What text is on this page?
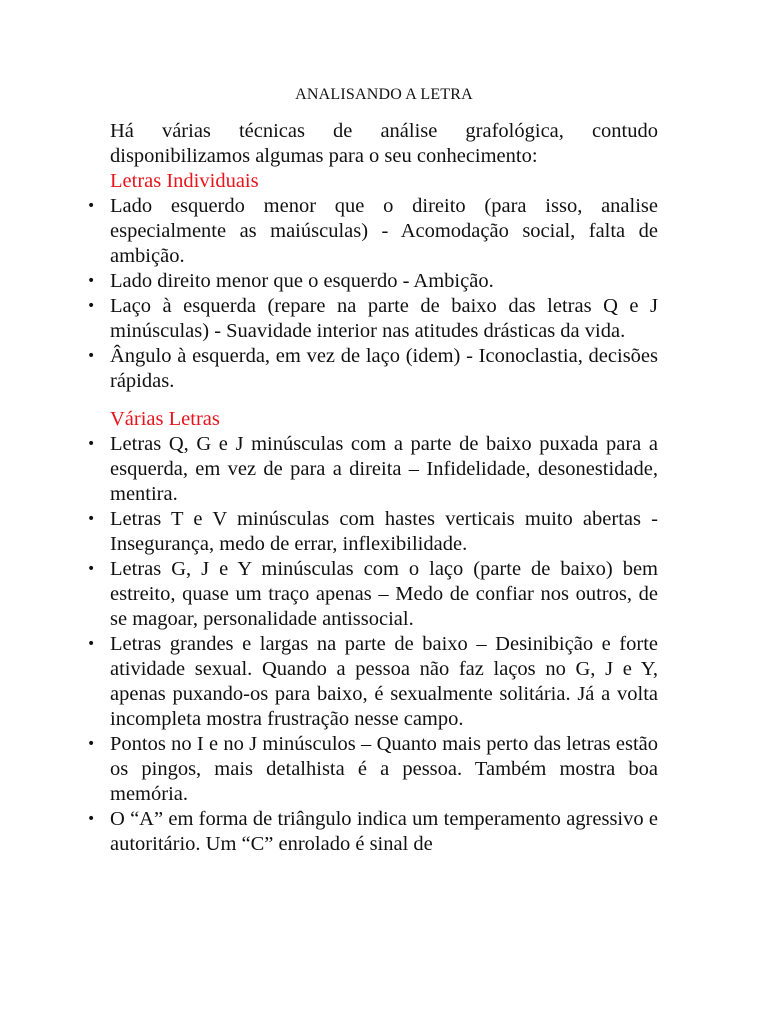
ANALISANDO A LETRA

Há várias técnicas de análise grafológica, contudo disponibilizamos algumas para o seu conhecimento:

Letras Individuais
• Lado esquerdo menor que o direito (para isso, analise especialmente as maiúsculas) - Acomodação social, falta de ambição.
• Lado direito menor que o esquerdo - Ambição.
• Laço à esquerda (repare na parte de baixo das letras Q e J minúsculas) - Suavidade interior nas atitudes drásticas da vida.
• Ângulo à esquerda, em vez de laço (idem) - Iconoclastia, decisões rápidas.
Várias Letras
• Letras Q, G e J minúsculas com a parte de baixo puxada para a esquerda, em vez de para a direita – Infidelidade, desonestidade, mentira.
• Letras T e V minúsculas com hastes verticais muito abertas - Insegurança, medo de errar, inflexibilidade.
• Letras G, J e Y minúsculas com o laço (parte de baixo) bem estreito, quase um traço apenas – Medo de confiar nos outros, de se magoar, personalidade antissocial.
• Letras grandes e largas na parte de baixo – Desinibição e forte atividade sexual. Quando a pessoa não faz laços no G, J e Y, apenas puxando-os para baixo, é sexualmente solitária. Já a volta incompleta mostra frustração nesse campo.
• Pontos no I e no J minúsculos – Quanto mais perto das letras estão os pingos, mais detalhista é a pessoa. Também mostra boa memória.
• O “A” em forma de triângulo indica um temperamento agressivo e autoritário. Um “C” enrolado é sinal de
